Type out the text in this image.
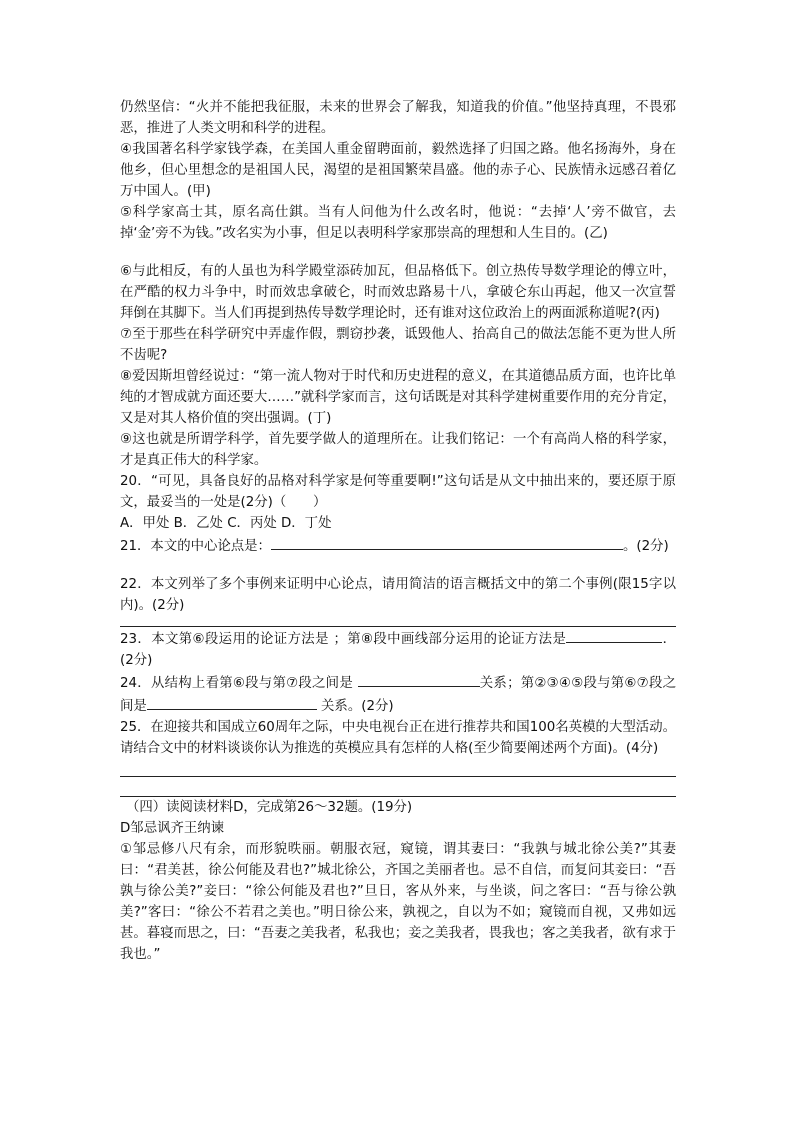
仍然坚信：“火并不能把我征服，未来的世界会了解我，知道我的价值。”他坚持真理，不畏邪恶，推进了人类文明和科学的进程。

④我国著名科学家钱学森，在美国人重金留聘面前，毅然选择了归国之路。他名扬海外，身在他乡，但心里想念的是祖国人民，渴望的是祖国繁荣昌盛。他的赤子心、民族情永远感召着亿万中国人。(甲)

⑤科学家高士其，原名高仕錤。当有人问他为什么改名时，他说：“去掉‘人’旁不做官，去掉‘金’旁不为钱。”改名实为小事，但足以表明科学家那崇高的理想和人生目的。(乙)

⑥与此相反，有的人虽也为科学殿堂添砖加瓦，但品格低下。创立热传导数学理论的傅立叶，在严酷的权力斗争中，时而效忠拿破仑，时而效忠路易十八，拿破仑东山再起，他又一次宣誓拜倒在其脚下。当人们再提到热传导数学理论时，还有谁对这位政治上的两面派称道呢?(丙)

⑦至于那些在科学研究中弄虚作假，剽窃抄袭，诋毁他人、抬高自己的做法怎能不更为世人所不齿呢?

⑧爱因斯坦曾经说过：“第一流人物对于时代和历史进程的意义，在其道德品质方面，也许比单纯的才智成就方面还要大……”就科学家而言，这句话既是对其科学建树重要作用的充分肯定，又是对其人格价值的突出强调。(丁)

⑨这也就是所谓学科学，首先要学做人的道理所在。让我们铭记：一个有高尚人格的科学家，才是真正伟大的科学家。

20．“可见，具备良好的品格对科学家是何等重要啊!”这句话是从文中抽出来的，要还原于原文，最妥当的一处是(2分)（　　）

A．甲处 B．乙处 C．丙处 D．丁处

21．本文的中心论点是：	。(2分)

22．本文列举了多个事例来证明中心论点，请用简洁的语言概括文中的第二个事例(限15字以内)。(2分)

23．本文第⑥段运用的论证方法是 ；第⑧段中画线部分运用的论证方法是	．(2分)

24．从结构上看第⑥段与第⑦段之间是	关系；第②③④⑤段与第⑥⑦段之间是	关系。(2分)

25．在迎接共和国成立60周年之际，中央电视台正在进行推荐共和国100名英模的大型活动。请结合文中的材料谈谈你认为推选的英模应具有怎样的人格(至少简要阐述两个方面)。(4分)

（四）读阅读材料D，完成第26～32题。(19分)

D邹忌讽齐王纳谏

①邹忌修八尺有余，而形貌昳丽。朝服衣冠，窥镜，谓其妻曰：“我孰与城北徐公美?”其妻曰：“君美甚，徐公何能及君也?”城北徐公，齐国之美丽者也。忌不自信，而复问其妾曰：“吾孰与徐公美?”妾曰：“徐公何能及君也?”旦日，客从外来，与坐谈，问之客曰：“吾与徐公孰美?”客曰：“徐公不若君之美也。”明日徐公来，孰视之，自以为不如；窥镜而自视，又弗如远甚。暮寝而思之，曰：“吾妻之美我者，私我也；妾之美我者，畏我也；客之美我者，欲有求于我也。”
